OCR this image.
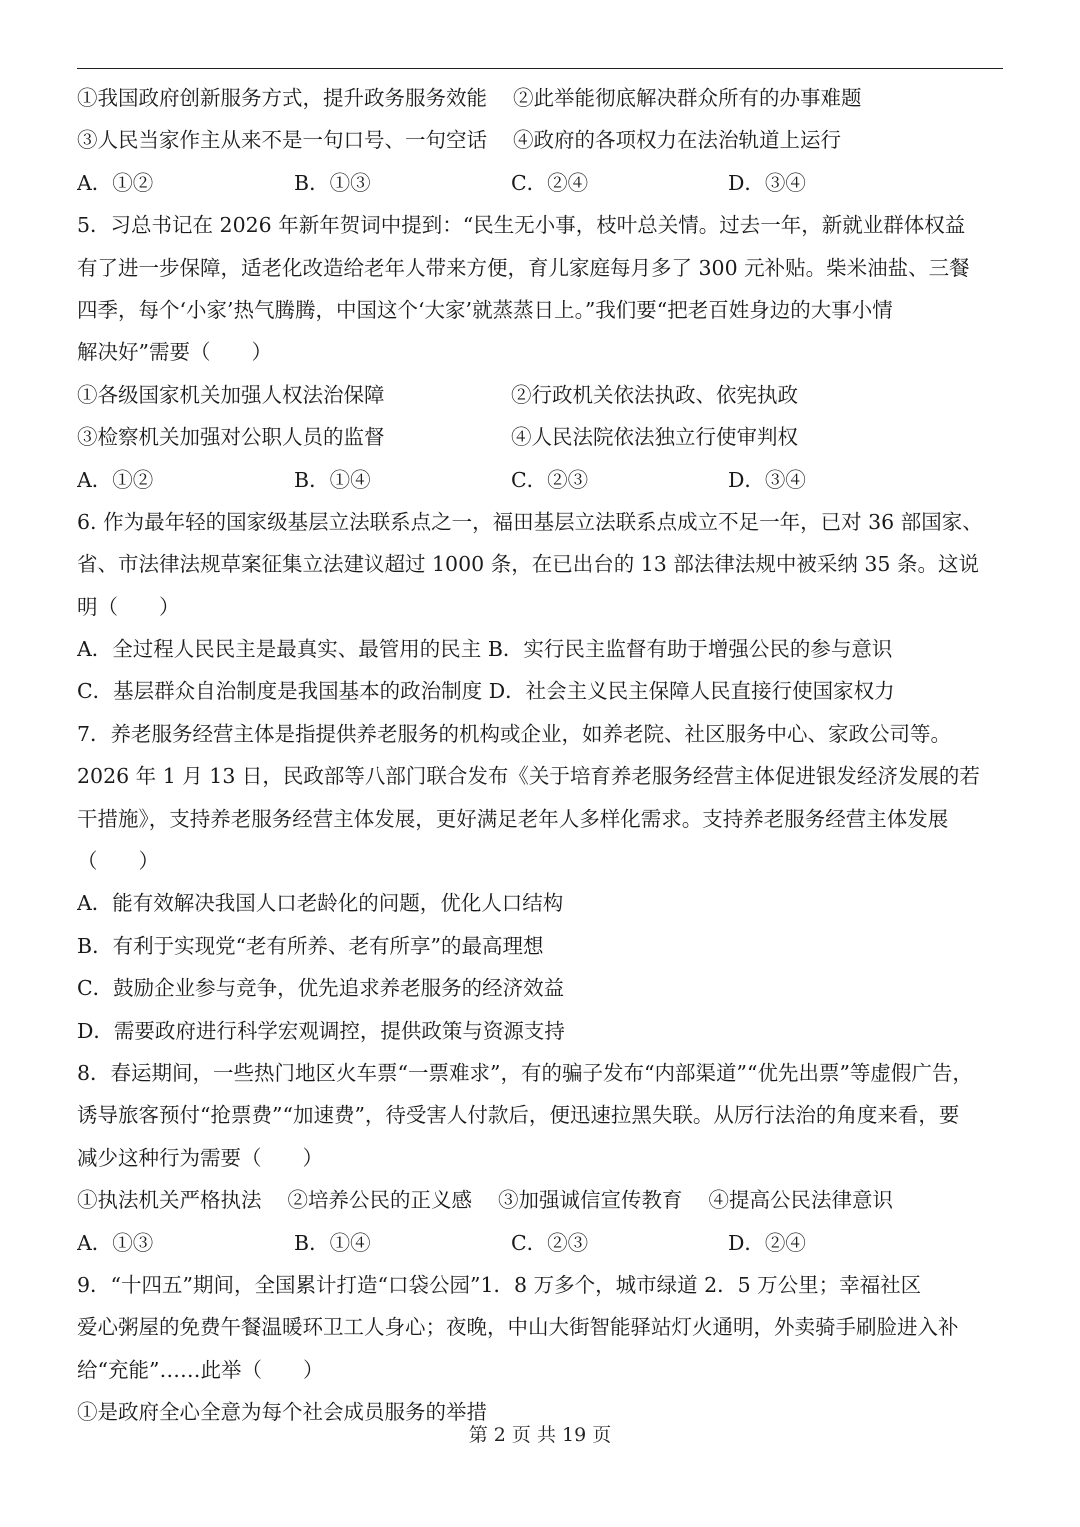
①我国政府创新服务方式，提升政务服务效能 ②此举能彻底解决群众所有的办事难题
③人民当家作主从来不是一句口号、一句空话 ④政府的各项权力在法治轨道上运行
A．①②	B．①③	C．②④	D．③④
5．习总书记在 2026 年新年贺词中提到：“民生无小事，枝叶总关情。过去一年，新就业群体权益
有了进一步保障，适老化改造给老年人带来方便，育儿家庭每月多了 300 元补贴。柴米油盐、三餐
四季，每个‘小家’热气腾腾，中国这个‘大家’就蒸蒸日上。”我们要“把老百姓身边的大事小情
解决好”需要（　　）
①各级国家机关加强人权法治保障	②行政机关依法执政、依宪执政
③检察机关加强对公职人员的监督	④人民法院依法独立行使审判权
A．①②	B．①④	C．②③	D．③④
6. 作为最年轻的国家级基层立法联系点之一，福田基层立法联系点成立不足一年，已对 36 部国家、
省、市法律法规草案征集立法建议超过 1000 条，在已出台的 13 部法律法规中被采纳 35 条。这说
明（　　）
A．全过程人民民主是最真实、最管用的民主 B．实行民主监督有助于增强公民的参与意识
C．基层群众自治制度是我国基本的政治制度 D．社会主义民主保障人民直接行使国家权力
7．养老服务经营主体是指提供养老服务的机构或企业，如养老院、社区服务中心、家政公司等。
2026 年 1 月 13 日，民政部等八部门联合发布《关于培育养老服务经营主体促进银发经济发展的若
干措施》，支持养老服务经营主体发展，更好满足老年人多样化需求。支持养老服务经营主体发展
（　　）
A．能有效解决我国人口老龄化的问题，优化人口结构
B．有利于实现党“老有所养、老有所享”的最高理想
C．鼓励企业参与竞争，优先追求养老服务的经济效益
D．需要政府进行科学宏观调控，提供政策与资源支持
8．春运期间，一些热门地区火车票“一票难求”，有的骗子发布“内部渠道”“优先出票”等虚假广告，
诱导旅客预付“抢票费”“加速费”，待受害人付款后，便迅速拉黑失联。从厉行法治的角度来看，要
减少这种行为需要（　　）
①执法机关严格执法 ②培养公民的正义感 ③加强诚信宣传教育 ④提高公民法律意识
A．①③	B．①④	C．②③	D．②④
9．“十四五”期间，全国累计打造“口袋公园”1．8 万多个，城市绿道 2．5 万公里；幸福社区
爱心粥屋的免费午餐温暖环卫工人身心；夜晚，中山大街智能驿站灯火通明，外卖骑手刷脸进入补
给“充能”……此举（　　）
①是政府全心全意为每个社会成员服务的举措
第 2 页 共 19 页
